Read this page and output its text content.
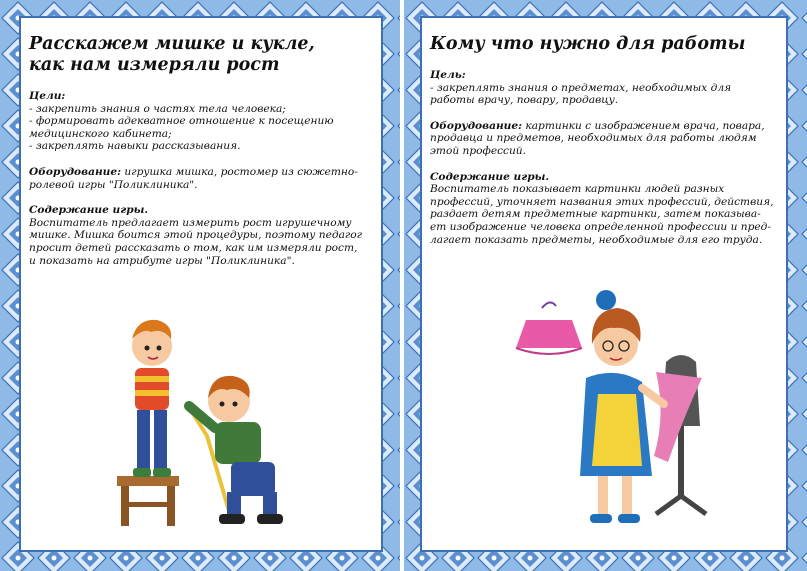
Расскажем мишке и кукле,
как нам измеряли рост
Цели:
- закрепить знания о частях тела человека;
- формировать адекватное отношение к посещению
медицинского кабинета;
- закреплять навыки рассказывания.
Оборудование: игрушка мишка, ростомер из сюжетно-
ролевой игры "Поликлиника".
Содержание игры.
Воспитатель предлагает измерить рост игрушечному
мишке. Мишка боится этой процедуры, поэтому педагог
просит детей рассказать о том, как им измеряли рост,
и показать на атрибуте игры "Поликлиника".
Кому что нужно для работы
Цель:
- закреплять знания о предметах, необходимых для
работы врачу, повару, продавцу.
Оборудование: картинки с изображением врача, повара,
продавца и предметов, необходимых для работы людям
этой профессий.
Содержание игры.
Воспитатель показывает картинки людей разных
профессий, уточняет названия этих профессий, действия,
раздает детям предметные картинки, затем показыва-
ет изображение человека определенной профессии и пред-
лагает показать предметы, необходимые для его труда.
